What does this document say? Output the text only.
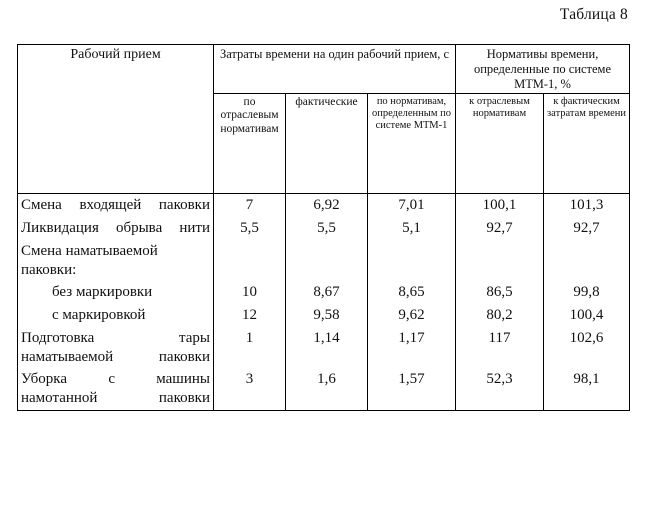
Таблица 8
Рабочий прием	Затраты времени на один рабочий прием, с			Нормативы времени, определенные по системе МТМ-1, %	
	по отраслевым нормативам	фактические	по нормативам, определенным по системе МТМ-1	к отраслевым нормативам	к фактическим затратам времени
Смена входящей паковки	7	6,92	7,01	100,1	101,3
Ликвидация обрыва нити	5,5	5,5	5,1	92,7	92,7
Смена наматываемой паковки:					
без маркировки	10	8,67	8,65	86,5	99,8
с маркировкой	12	9,58	9,62	80,2	100,4
Подготовка тары наматываемой паковки	1	1,14	1,17	117	102,6
Уборка с машины намотанной паковки	3	1,6	1,57	52,3	98,1
